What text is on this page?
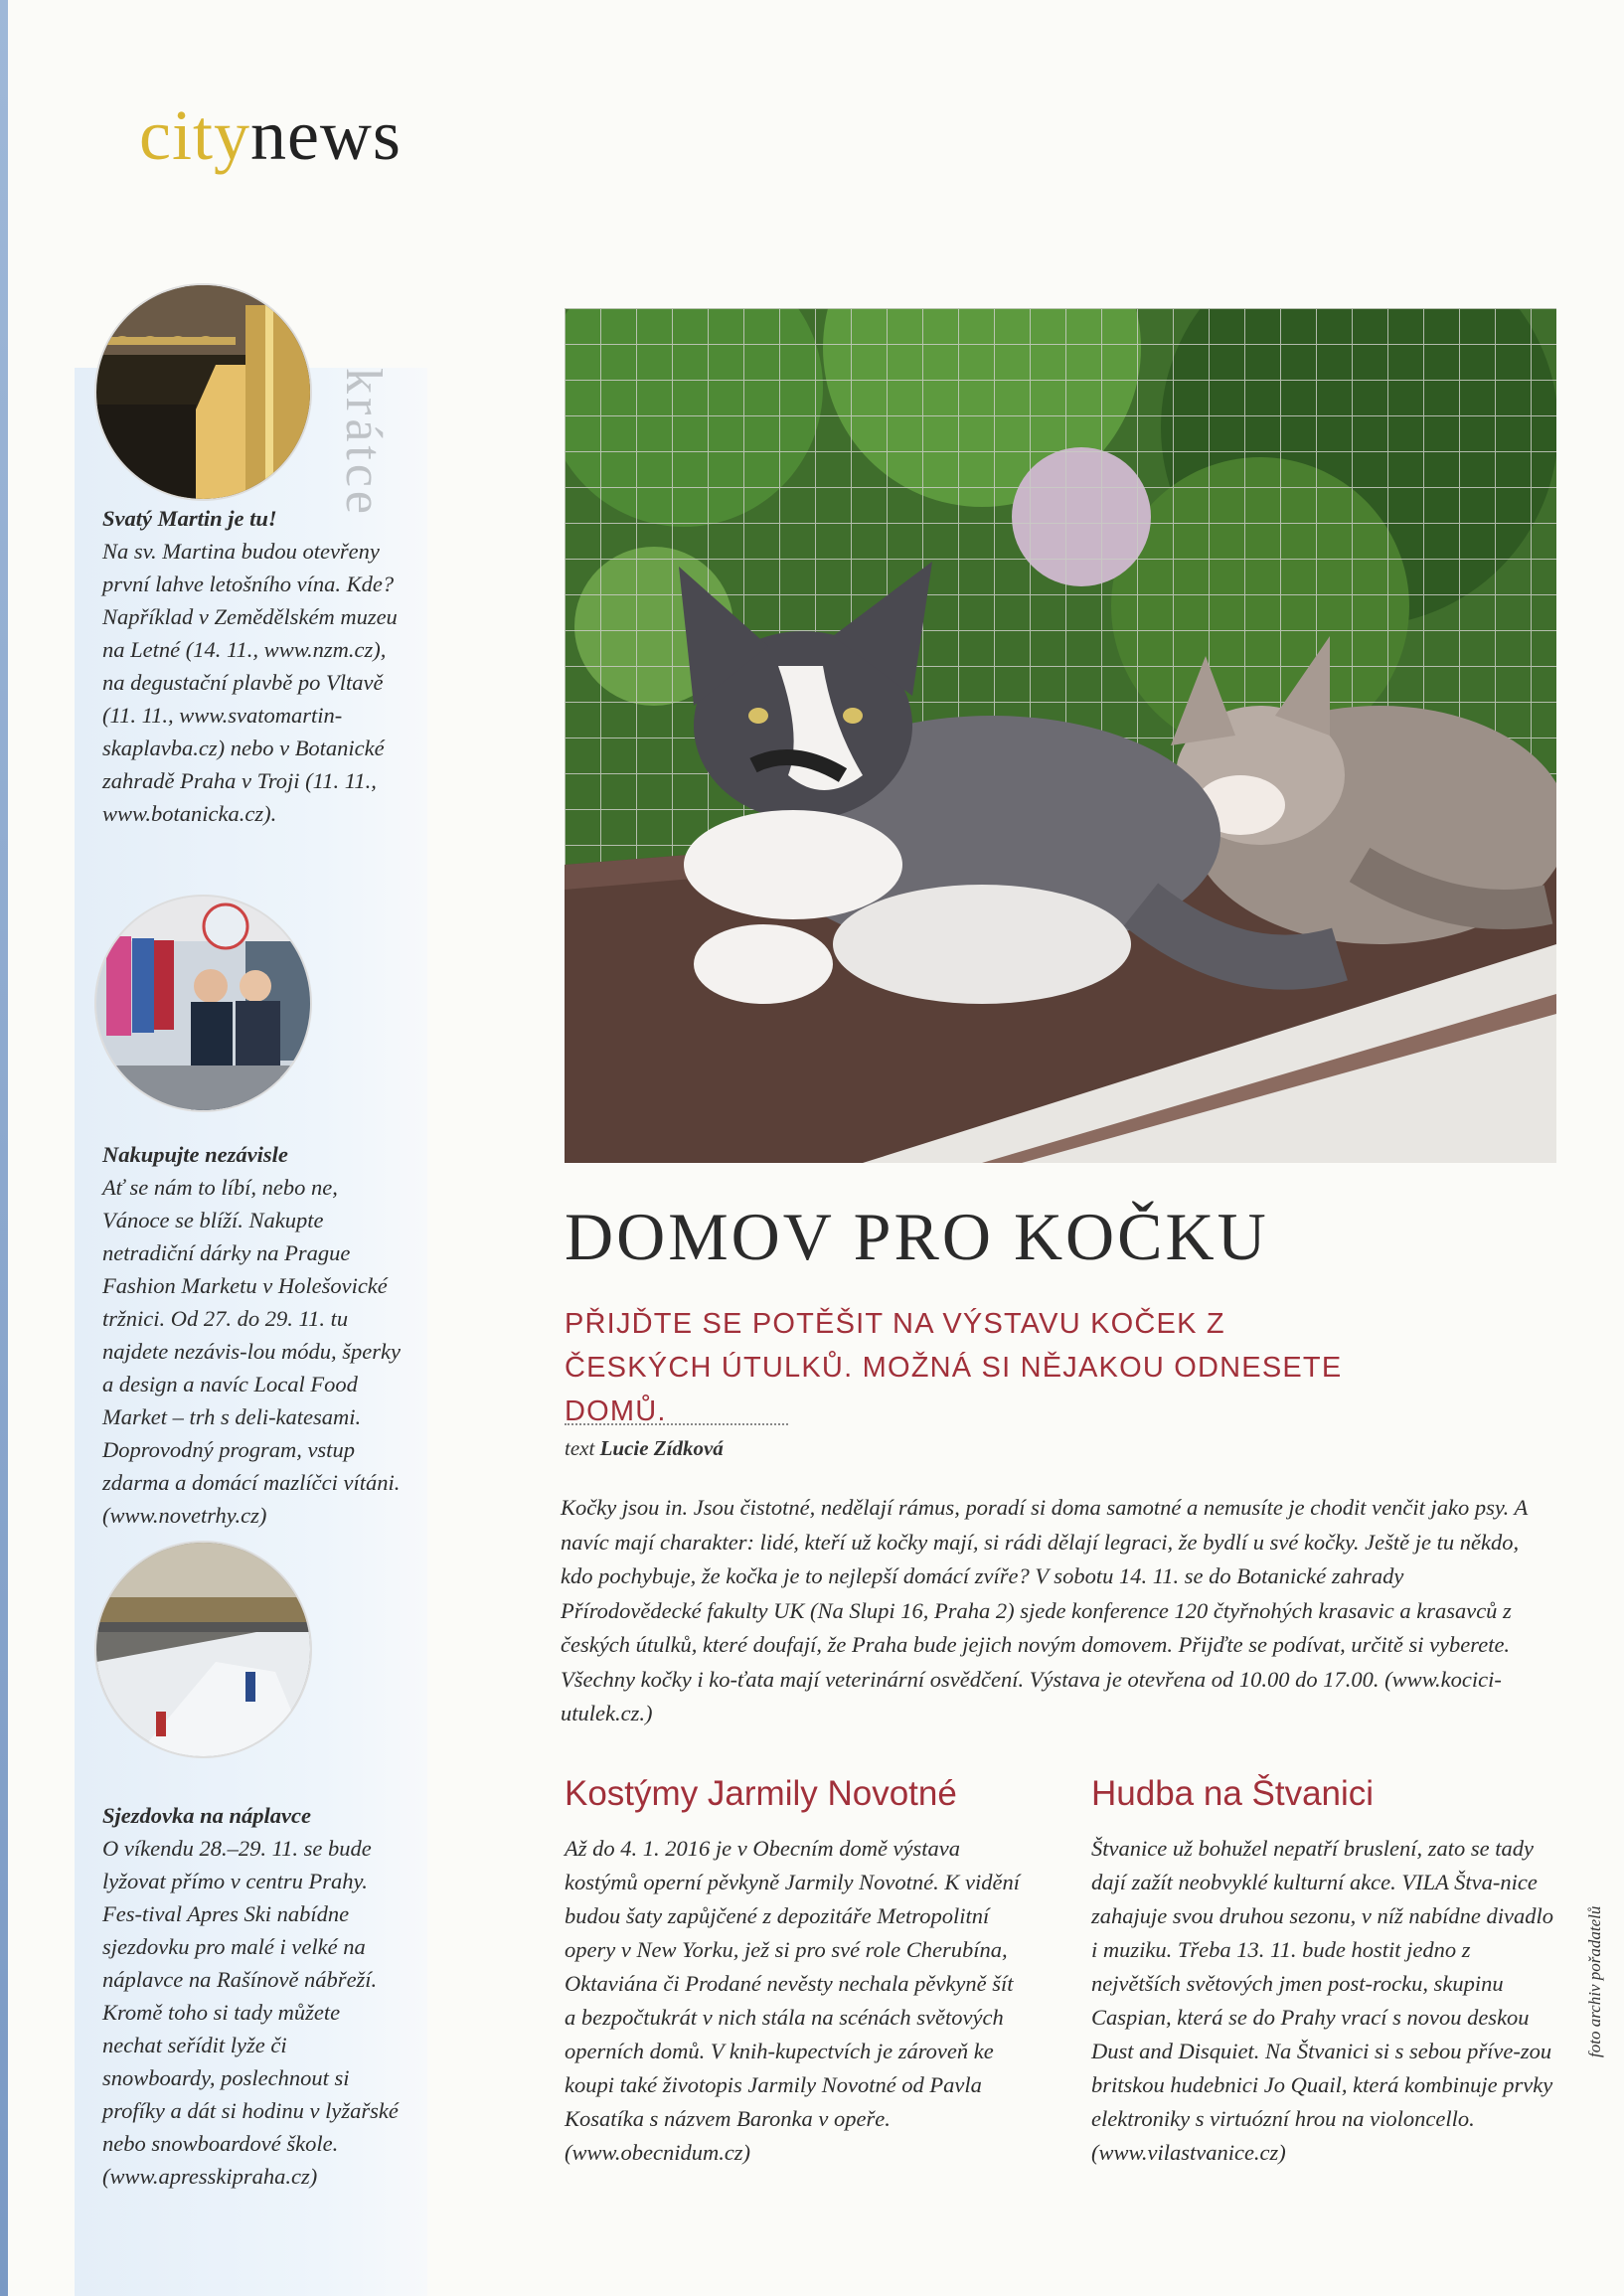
citynews
krátce
Svatý Martin je tu!
Na sv. Martina budou otevřeny první lahve letošního vína. Kde? Například v Zemědělském muzeu na Letné (14. 11., www.nzm.cz), na degustační plavbě po Vltavě (11. 11., www.svatomartin-skaplavba.cz) nebo v Botanické zahradě Praha v Troji (11. 11., www.botanicka.cz).
Nakupujte nezávisle
Ať se nám to líbí, nebo ne, Vánoce se blíží. Nakupte netradiční dárky na Prague Fashion Marketu v Holešovické tržnici. Od 27. do 29. 11. tu najdete nezávis-lou módu, šperky a design a navíc Local Food Market – trh s deli-katesami. Doprovodný program, vstup zdarma a domácí mazlíčci vítáni. (www.novetrhy.cz)
Sjezdovka na náplavce
O víkendu 28.–29. 11. se bude lyžovat přímo v centru Prahy. Fes-tival Apres Ski nabídne sjezdovku pro malé i velké na náplavce na Rašínově nábřeží. Kromě toho si tady můžete nechat seřídit lyže či snowboardy, poslechnout si profíky a dát si hodinu v lyžařské nebo snowboardové škole. (www.apresskipraha.cz)
DOMOV PRO KOČKU
PŘIJĎTE SE POTĚŠIT NA VÝSTAVU KOČEK Z ČESKÝCH ÚTULKŮ. MOŽNÁ SI NĚJAKOU ODNESETE DOMŮ.
text Lucie Zídková
Kočky jsou in. Jsou čistotné, nedělají rámus, poradí si doma samotné a nemusíte je chodit venčit jako psy. A navíc mají charakter: lidé, kteří už kočky mají, si rádi dělají legraci, že bydlí u své kočky. Ještě je tu někdo, kdo pochybuje, že kočka je to nejlepší domácí zvíře? V sobotu 14. 11. se do Botanické zahrady Přírodovědecké fakulty UK (Na Slupi 16, Praha 2) sjede konference 120 čtyřnohých krasavic a krasavců z českých útulků, které doufají, že Praha bude jejich novým domovem. Přijďte se podívat, určitě si vyberete. Všechny kočky i ko-ťata mají veterinární osvědčení. Výstava je otevřena od 10.00 do 17.00. (www.kocici-utulek.cz.)
Kostýmy Jarmily Novotné
Až do 4. 1. 2016 je v Obecním domě výstava kostýmů operní pěvkyně Jarmily Novotné. K vidění budou šaty zapůjčené z depozitáře Metropolitní opery v New Yorku, jež si pro své role Cherubína, Oktaviána či Prodané nevěsty nechala pěvkyně šít a bezpočtukrát v nich stála na scénách světových operních domů. V knih-kupectvích je zároveň ke koupi také životopis Jarmily Novotné od Pavla Kosatíka s názvem Baronka v opeře. (www.obecnidum.cz)
Hudba na Štvanici
Štvanice už bohužel nepatří bruslení, zato se tady dají zažít neobvyklé kulturní akce. VILA Štva-nice zahajuje svou druhou sezonu, v níž nabídne divadlo i muziku. Třeba 13. 11. bude hostit jedno z největších světových jmen post-rocku, skupinu Caspian, která se do Prahy vrací s novou deskou Dust and Disquiet. Na Štvanici si s sebou příve-zou britskou hudebnici Jo Quail, která kombinuje prvky elektroniky s virtuózní hrou na violoncello. (www.vilastvanice.cz)
foto archiv pořadatelů
